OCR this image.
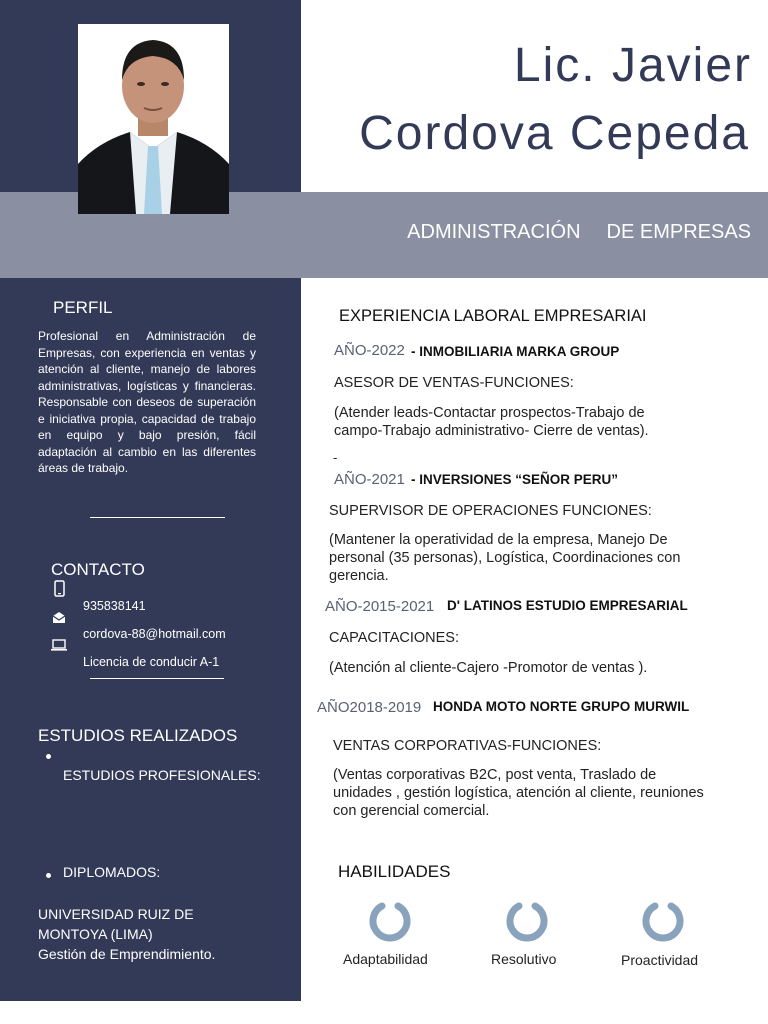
Lic. Javier
Cordova Cepeda
ADMINISTRACIÓN DE EMPRESAS
PERFIL
Profesional en Administración de Empresas, con experiencia en ventas y atención al cliente, manejo de labores administrativas, logísticas y financieras. Responsable con deseos de superación e iniciativa propia, capacidad de trabajo en equipo y bajo presión, fácil adaptación al cambio en las diferentes áreas de trabajo.
CONTACTO
935838141
cordova-88@hotmail.com
Licencia de conducir A-1
ESTUDIOS REALIZADOS
ESTUDIOS PROFESIONALES:
DIPLOMADOS:
UNIVERSIDAD RUIZ DE
MONTOYA (LIMA)
Gestión de Emprendimiento.
EXPERIENCIA LABORAL EMPRESARIAI
AÑO-2022 - INMOBILIARIA MARKA GROUP
ASESOR DE VENTAS-FUNCIONES:
(Atender leads-Contactar prospectos-Trabajo de campo-Trabajo administrativo- Cierre de ventas).
-
AÑO-2021 - INVERSIONES “SEÑOR PERU”
SUPERVISOR DE OPERACIONES FUNCIONES:
(Mantener la operatividad de la empresa, Manejo De personal (35 personas), Logística, Coordinaciones con gerencia.
AÑO-2015-2021 D' LATINOS ESTUDIO EMPRESARIAL
CAPACITACIONES:
(Atención al cliente-Cajero -Promotor de ventas ).
AÑO2018-2019 HONDA MOTO NORTE GRUPO MURWIL
VENTAS CORPORATIVAS-FUNCIONES:
(Ventas corporativas B2C, post venta, Traslado de unidades , gestión logística, atención al cliente, reuniones con gerencial comercial.
HABILIDADES
Adaptabilidad	Resolutivo	Proactividad
